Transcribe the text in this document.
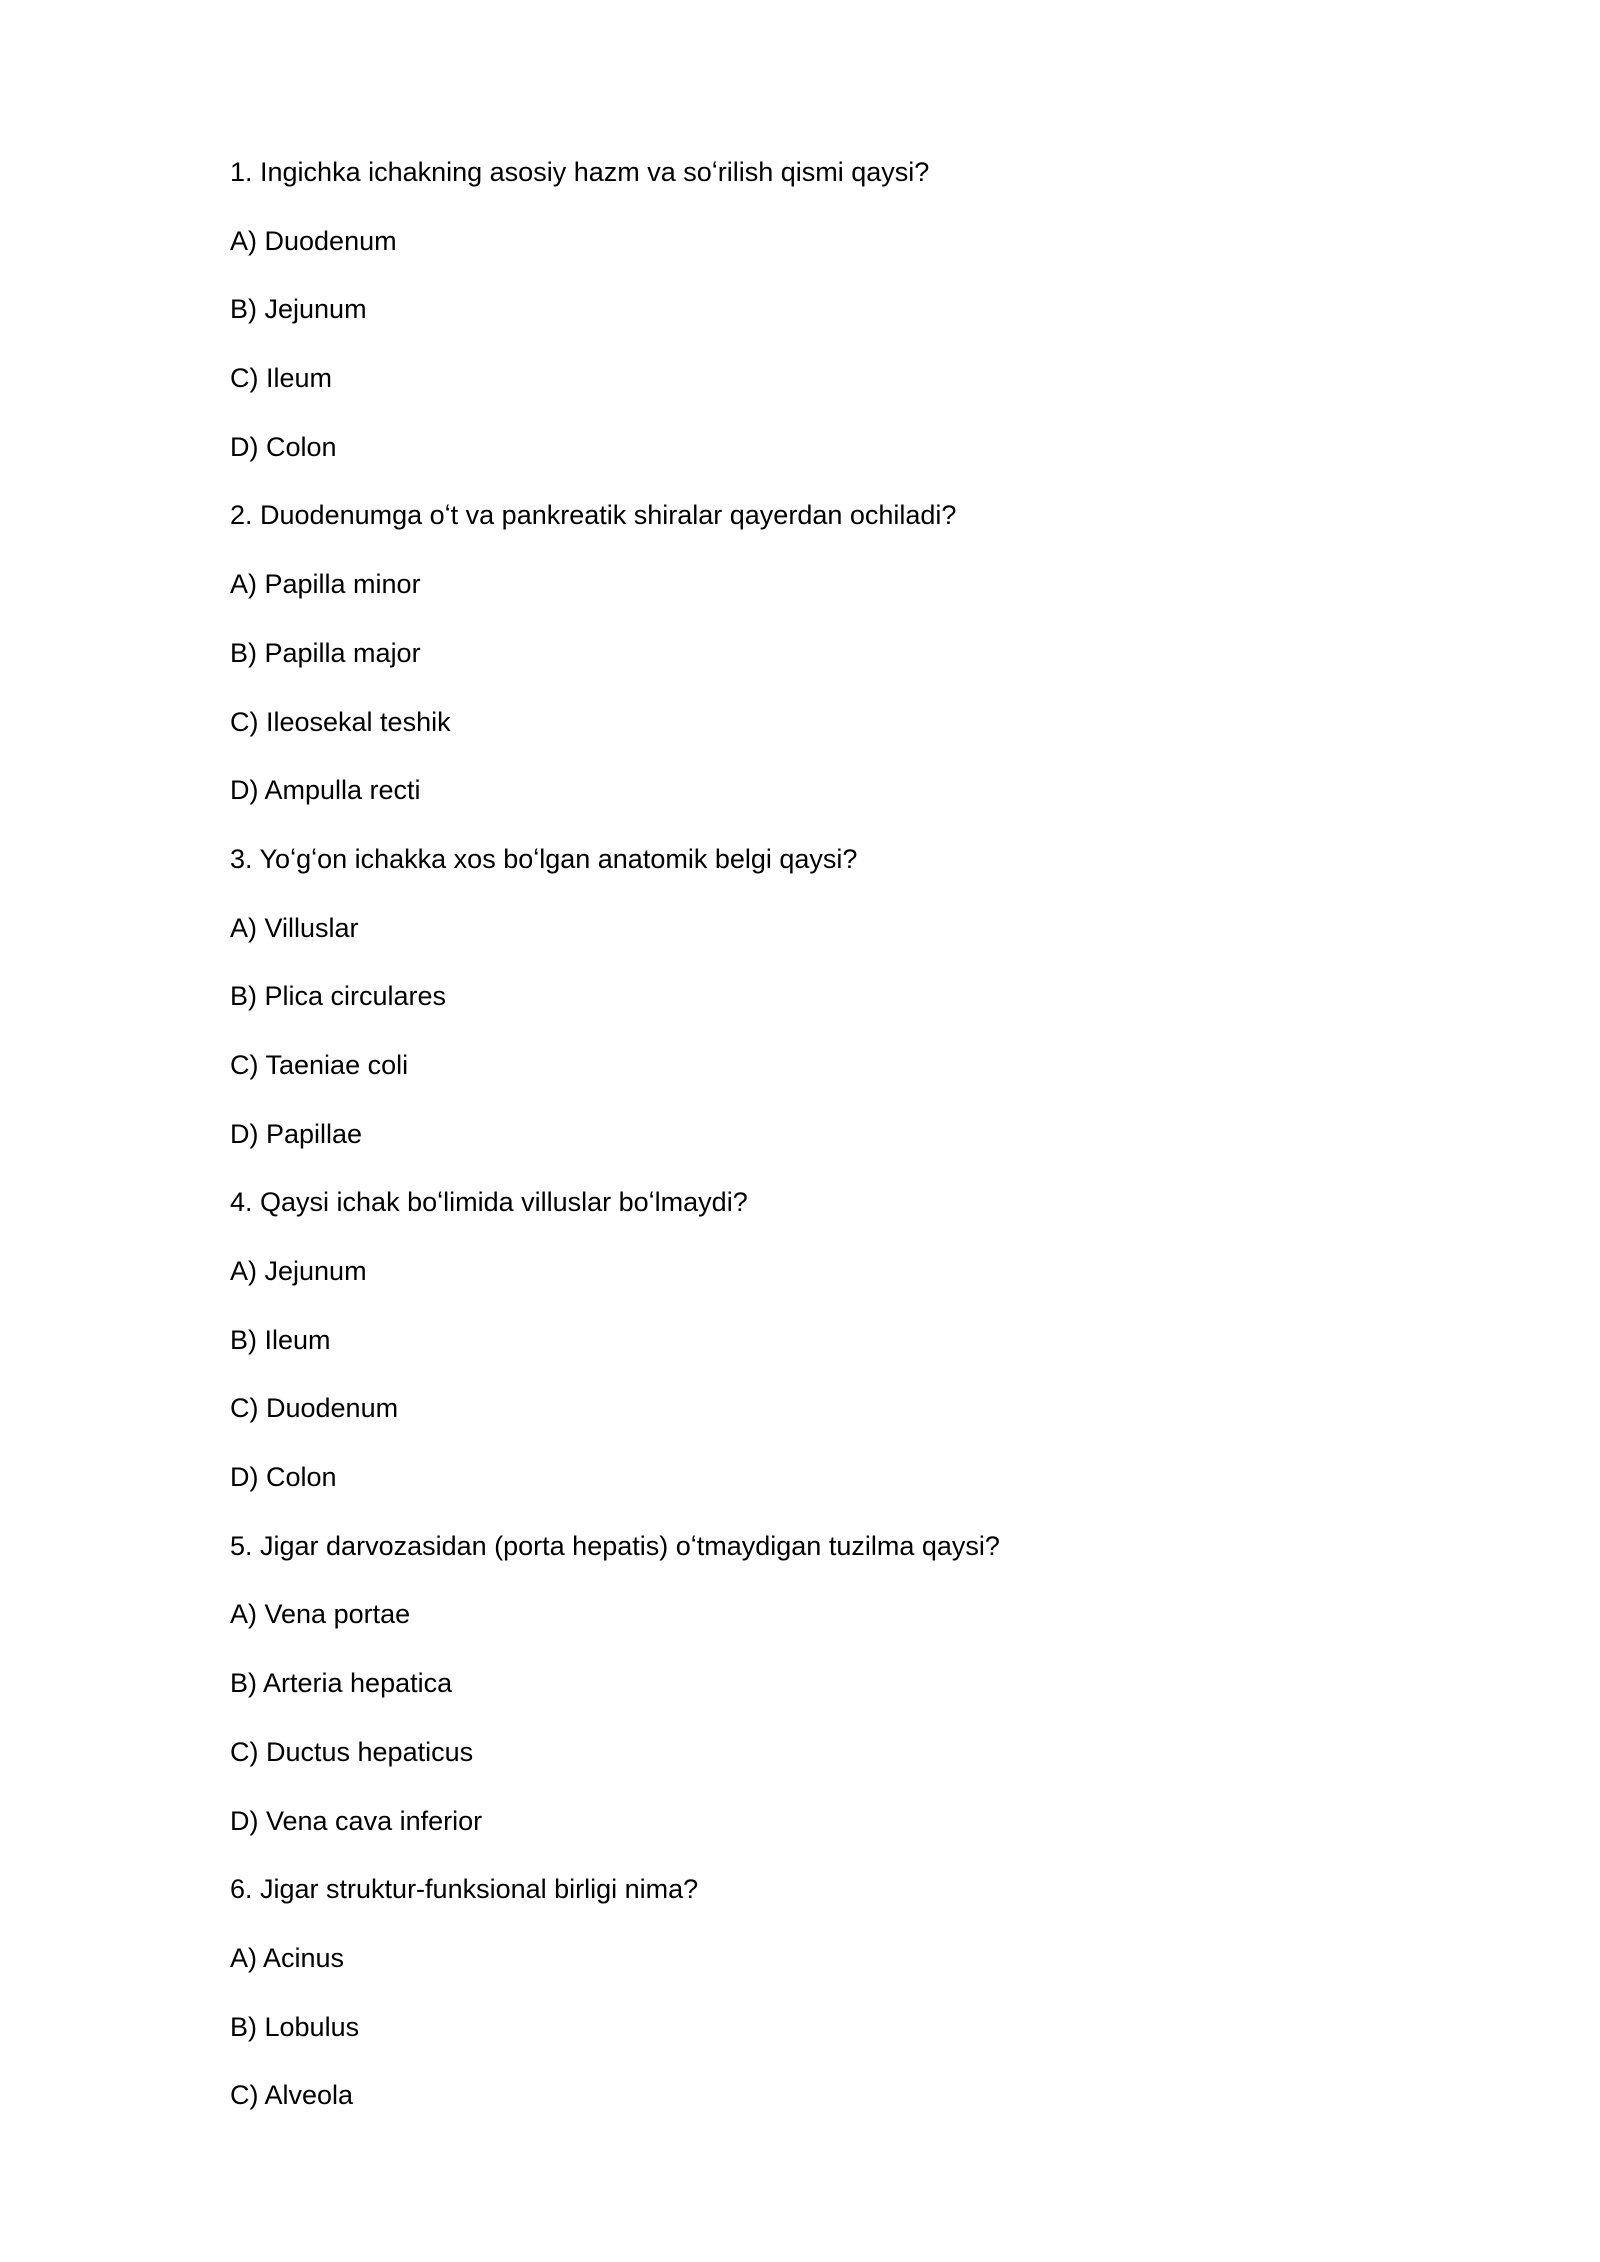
1. Ingichka ichakning asosiy hazm va soʻrilish qismi qaysi?
A) Duodenum
B) Jejunum
C) Ileum
D) Colon
2. Duodenumga oʻt va pankreatik shiralar qayerdan ochiladi?
A) Papilla minor
B) Papilla major
C) Ileosekal teshik
D) Ampulla recti
3. Yoʻgʻon ichakka xos boʻlgan anatomik belgi qaysi?
A) Villuslar
B) Plica circulares
C) Taeniae coli
D) Papillae
4. Qaysi ichak boʻlimida villuslar boʻlmaydi?
A) Jejunum
B) Ileum
C) Duodenum
D) Colon
5. Jigar darvozasidan (porta hepatis) oʻtmaydigan tuzilma qaysi?
A) Vena portae
B) Arteria hepatica
C) Ductus hepaticus
D) Vena cava inferior
6. Jigar struktur-funksional birligi nima?
A) Acinus
B) Lobulus
C) Alveola
